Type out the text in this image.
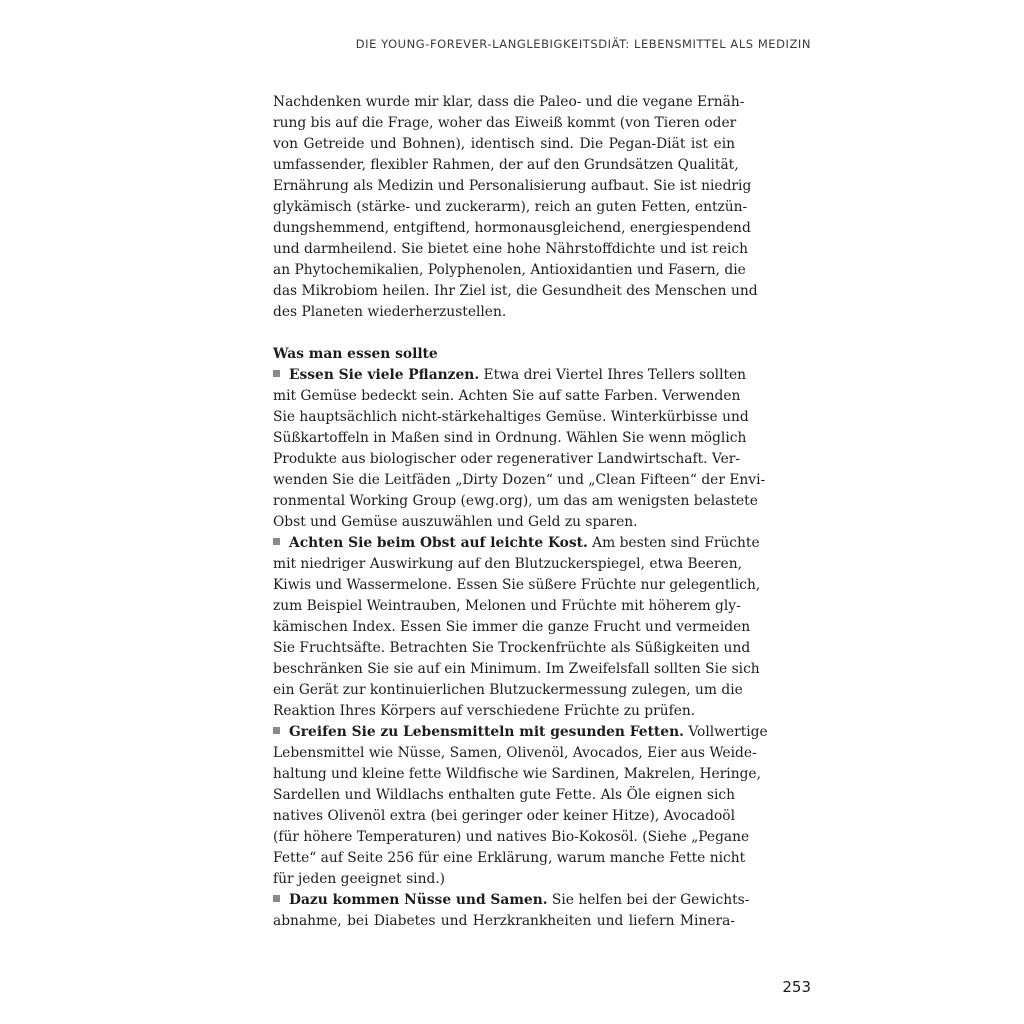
DIE YOUNG-FOREVER-LANGLEBIGKEITSDIÄT: LEBENSMITTEL ALS MEDIZIN

Nachdenken wurde mir klar, dass die Paleo- und die vegane Ernäh-
rung bis auf die Frage, woher das Eiweiß kommt (von Tieren oder
von Getreide und Bohnen), identisch sind. Die Pegan-Diät ist ein
umfassender, flexibler Rahmen, der auf den Grundsätzen Qualität,
Ernährung als Medizin und Personalisierung aufbaut. Sie ist niedrig
glykämisch (stärke- und zuckerarm), reich an guten Fetten, entzün-
dungshemmend, entgiftend, hormonausgleichend, energiespendend
und darmheilend. Sie bietet eine hohe Nährstoffdichte und ist reich
an Phytochemikalien, Polyphenolen, Antioxidantien und Fasern, die
das Mikrobiom heilen. Ihr Ziel ist, die Gesundheit des Menschen und
des Planeten wiederherzustellen.

Was man essen sollte

Essen Sie viele Pflanzen. Etwa drei Viertel Ihres Tellers sollten
mit Gemüse bedeckt sein. Achten Sie auf satte Farben. Verwenden
Sie hauptsächlich nicht-stärkehaltiges Gemüse. Winterkürbisse und
Süßkartoffeln in Maßen sind in Ordnung. Wählen Sie wenn möglich
Produkte aus biologischer oder regenerativer Landwirtschaft. Ver-
wenden Sie die Leitfäden „Dirty Dozen“ und „Clean Fifteen“ der Envi-
ronmental Working Group (ewg.org), um das am wenigsten belastete
Obst und Gemüse auszuwählen und Geld zu sparen.

Achten Sie beim Obst auf leichte Kost. Am besten sind Früchte
mit niedriger Auswirkung auf den Blutzuckerspiegel, etwa Beeren,
Kiwis und Wassermelone. Essen Sie süßere Früchte nur gelegentlich,
zum Beispiel Weintrauben, Melonen und Früchte mit höherem gly-
kämischen Index. Essen Sie immer die ganze Frucht und vermeiden
Sie Fruchtsäfte. Betrachten Sie Trockenfrüchte als Süßigkeiten und
beschränken Sie sie auf ein Minimum. Im Zweifelsfall sollten Sie sich
ein Gerät zur kontinuierlichen Blutzuckermessung zulegen, um die
Reaktion Ihres Körpers auf verschiedene Früchte zu prüfen.

Greifen Sie zu Lebensmitteln mit gesunden Fetten. Vollwertige
Lebensmittel wie Nüsse, Samen, Olivenöl, Avocados, Eier aus Weide-
haltung und kleine fette Wildfische wie Sardinen, Makrelen, Heringe,
Sardellen und Wildlachs enthalten gute Fette. Als Öle eignen sich
natives Olivenöl extra (bei geringer oder keiner Hitze), Avocadoöl
(für höhere Temperaturen) und natives Bio-Kokosöl. (Siehe „Pegane
Fette“ auf Seite 256 für eine Erklärung, warum manche Fette nicht
für jeden geeignet sind.)

Dazu kommen Nüsse und Samen. Sie helfen bei der Gewichts-
abnahme, bei Diabetes und Herzkrankheiten und liefern Minera-

253
